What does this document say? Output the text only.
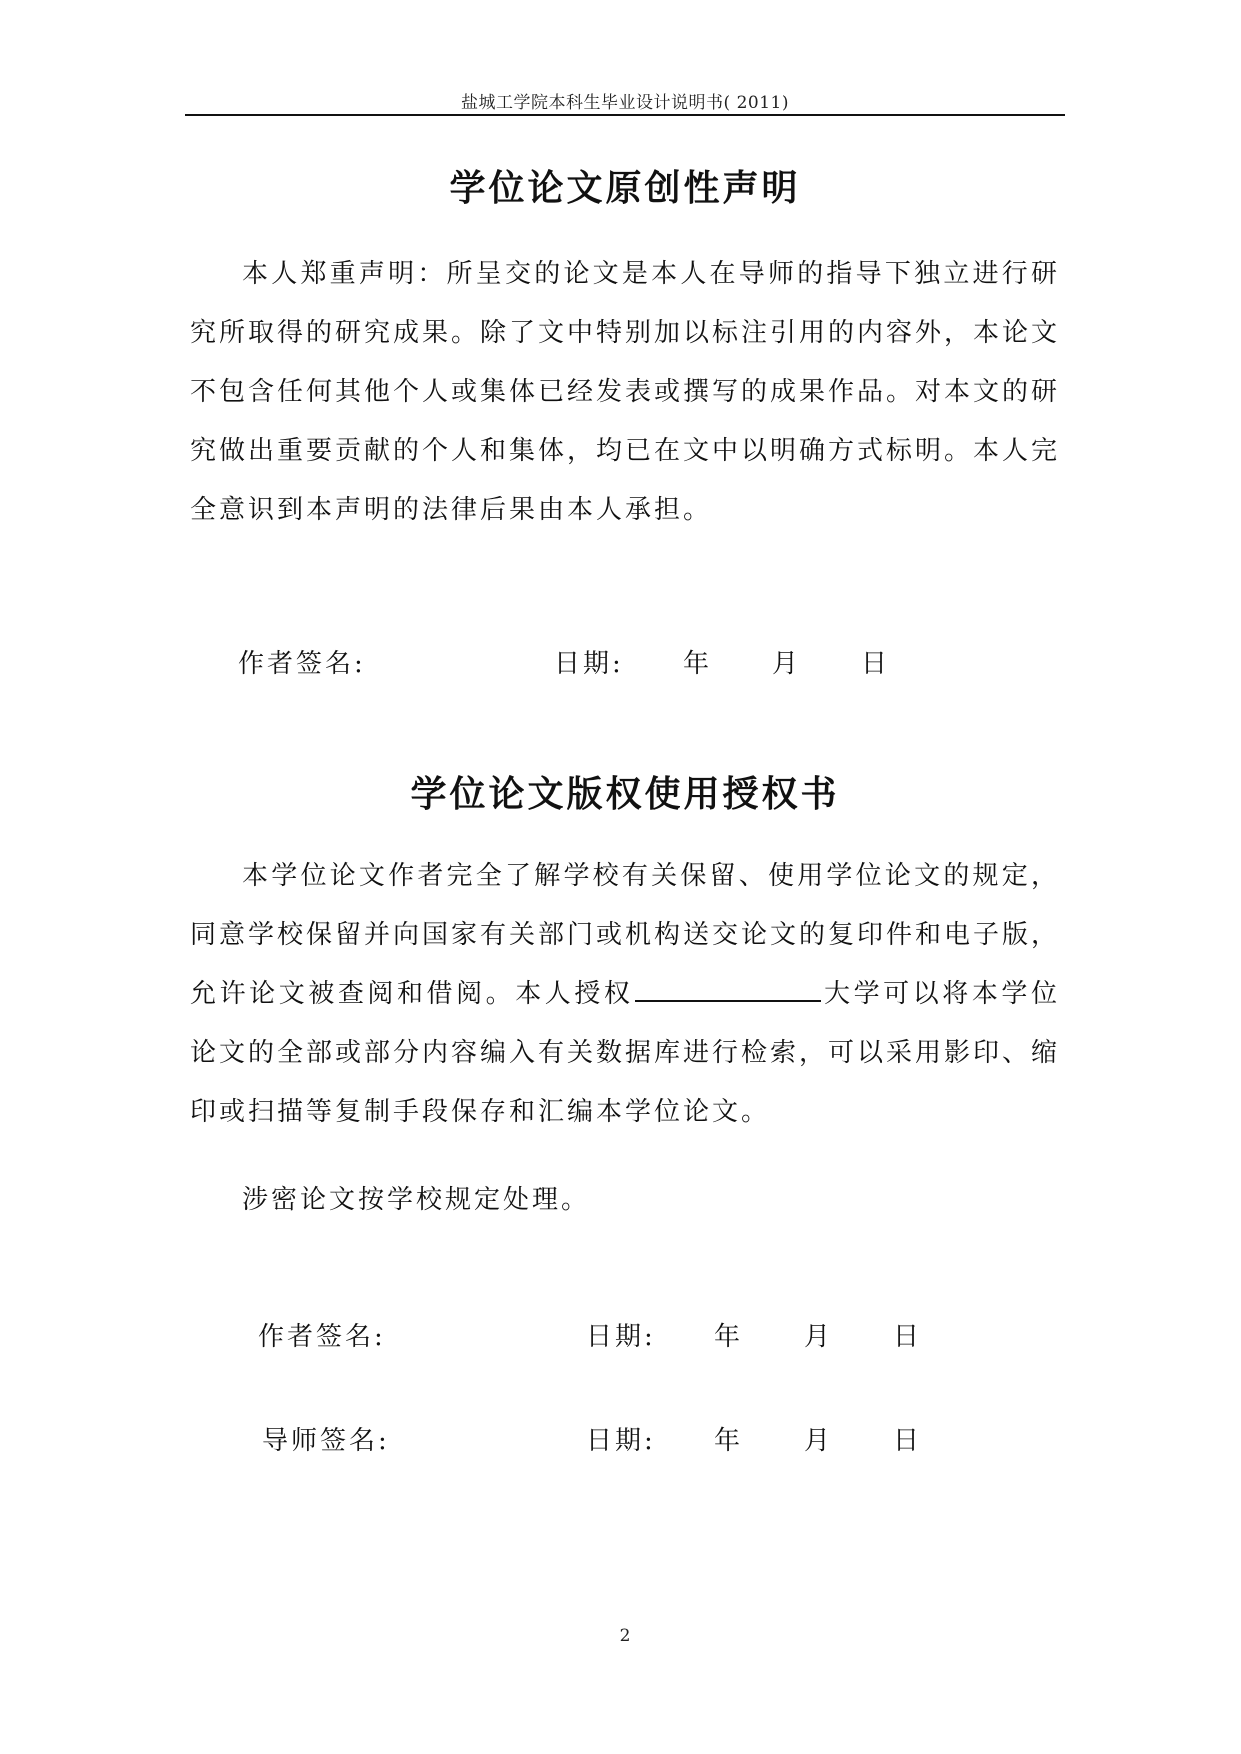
盐城工学院本科生毕业设计说明书( 2011)
学位论文原创性声明

本人郑重声明：所呈交的论文是本人在导师的指导下独立进行研究所取得的研究成果。除了文中特别加以标注引用的内容外，本论文不包含任何其他个人或集体已经发表或撰写的成果作品。对本文的研究做出重要贡献的个人和集体，均已在文中以明确方式标明。本人完全意识到本声明的法律后果由本人承担。

作者签名:	日期: 年 月 日
学位论文版权使用授权书

本学位论文作者完全了解学校有关保留、使用学位论文的规定，同意学校保留并向国家有关部门或机构送交论文的复印件和电子版，允许论文被查阅和借阅。本人授权	大学可以将本学位论文的全部或部分内容编入有关数据库进行检索，可以采用影印、缩印或扫描等复制手段保存和汇编本学位论文。

涉密论文按学校规定处理。

作者签名:	日期: 年 月 日
导师签名:	日期: 年 月 日
2
